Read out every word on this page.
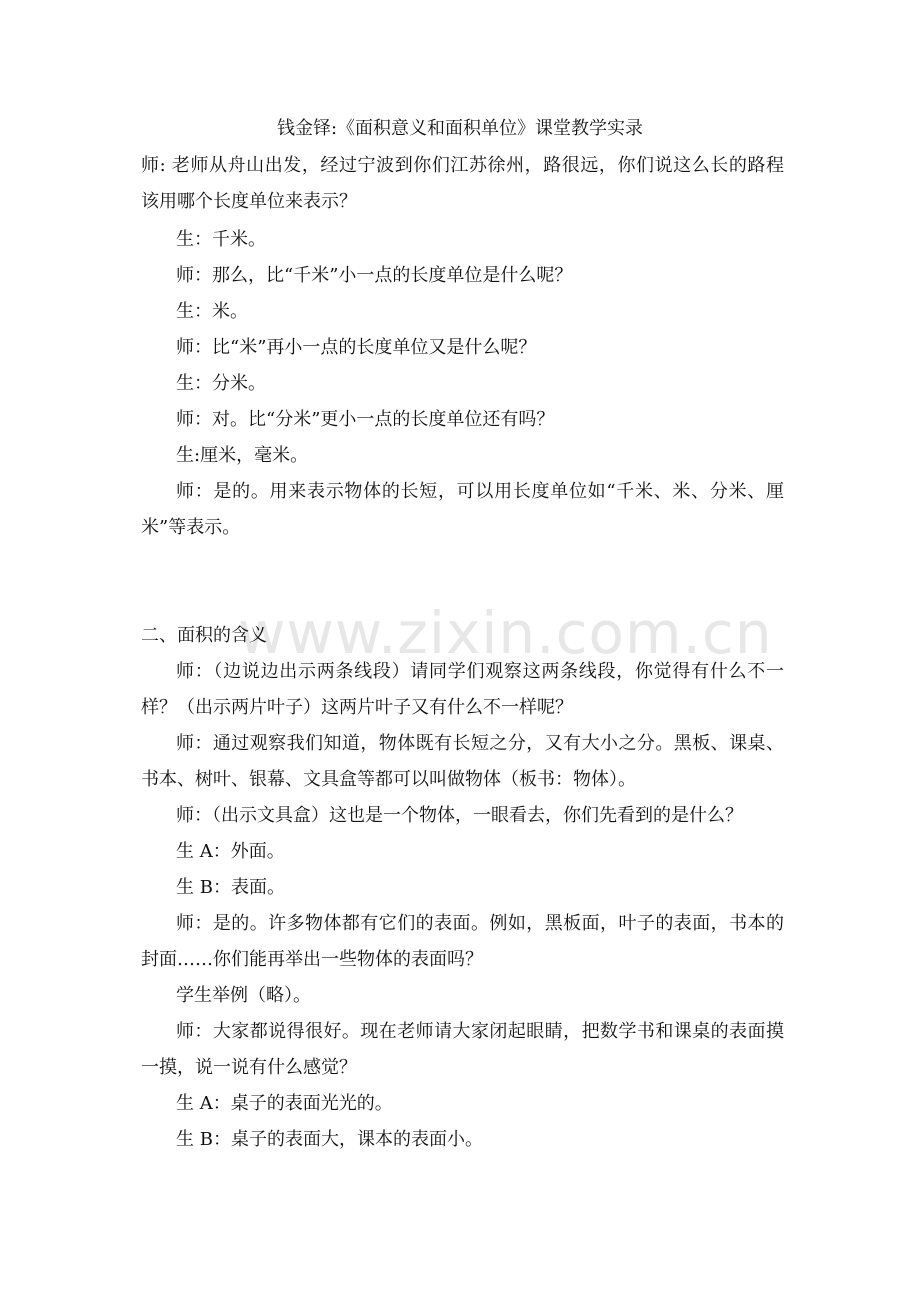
钱金铎:《面积意义和面积单位》课堂教学实录
师: 老师从舟山出发，经过宁波到你们江苏徐州，路很远，你们说这么长的路程
该用哪个长度单位来表示？
生：千米。
师：那么，比“千米”小一点的长度单位是什么呢？
生：米。
师：比“米”再小一点的长度单位又是什么呢？
生：分米。
师：对。比“分米”更小一点的长度单位还有吗？
生:厘米，毫米。
师：是的。用来表示物体的长短，可以用长度单位如“千米、米、分米、厘
米”等表示。
www.zixin.com.cn
二、面积的含义
师：（边说边出示两条线段）请同学们观察这两条线段，你觉得有什么不一
样？（出示两片叶子）这两片叶子又有什么不一样呢？
师：通过观察我们知道，物体既有长短之分，又有大小之分。黑板、课桌、
书本、树叶、银幕、文具盒等都可以叫做物体（板书：物体）。
师：（出示文具盒）这也是一个物体，一眼看去，你们先看到的是什么？
生 A：外面。
生 B：表面。
师：是的。许多物体都有它们的表面。例如，黑板面，叶子的表面，书本的
封面……你们能再举出一些物体的表面吗？
学生举例（略）。
师：大家都说得很好。现在老师请大家闭起眼睛，把数学书和课桌的表面摸
一摸，说一说有什么感觉？
生 A：桌子的表面光光的。
生 B：桌子的表面大，课本的表面小。
